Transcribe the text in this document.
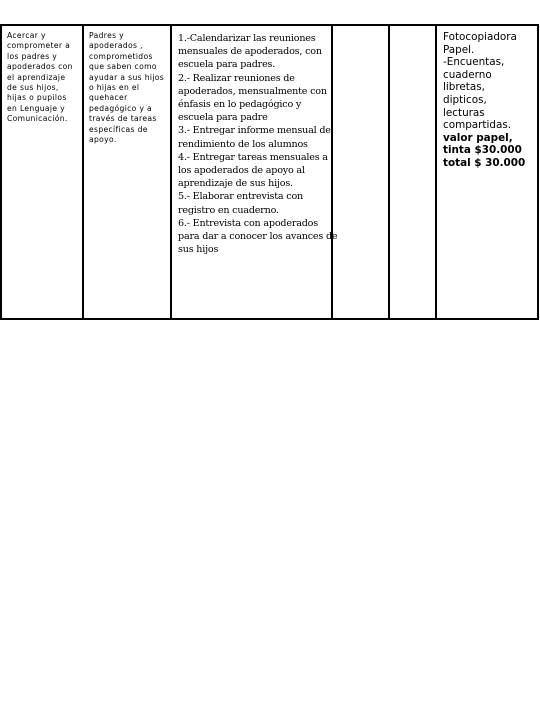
Acercar y
comprometer a
los padres y
apoderados con
el aprendizaje
de sus hijos,
hijas o pupilos
en Lenguaje y
Comunicación.
Padres y
apoderados ,
comprometidos
que saben como
ayudar a sus hijos
o hijas en el
quehacer
pedagógico y a
través de tareas
específicas de
apoyo.
1.-Calendarizar las reuniones
mensuales de apoderados, con
escuela para padres.
2.- Realizar reuniones de
apoderados, mensualmente con
énfasis en lo pedagógico y
escuela para padre
3.- Entregar informe mensual de
rendimiento de los alumnos
4.- Entregar tareas mensuales a
los apoderados de apoyo al
aprendizaje de sus hijos.
5.- Elaborar entrevista con
registro en cuaderno.
6.- Entrevista con apoderados
para dar a conocer los avances de
sus hijos
Fotocopiadora
Papel.
-Encuentas,
cuaderno
libretas,
dipticos,
lecturas
compartidas.
valor papel,
tinta $30.000
total $ 30.000
